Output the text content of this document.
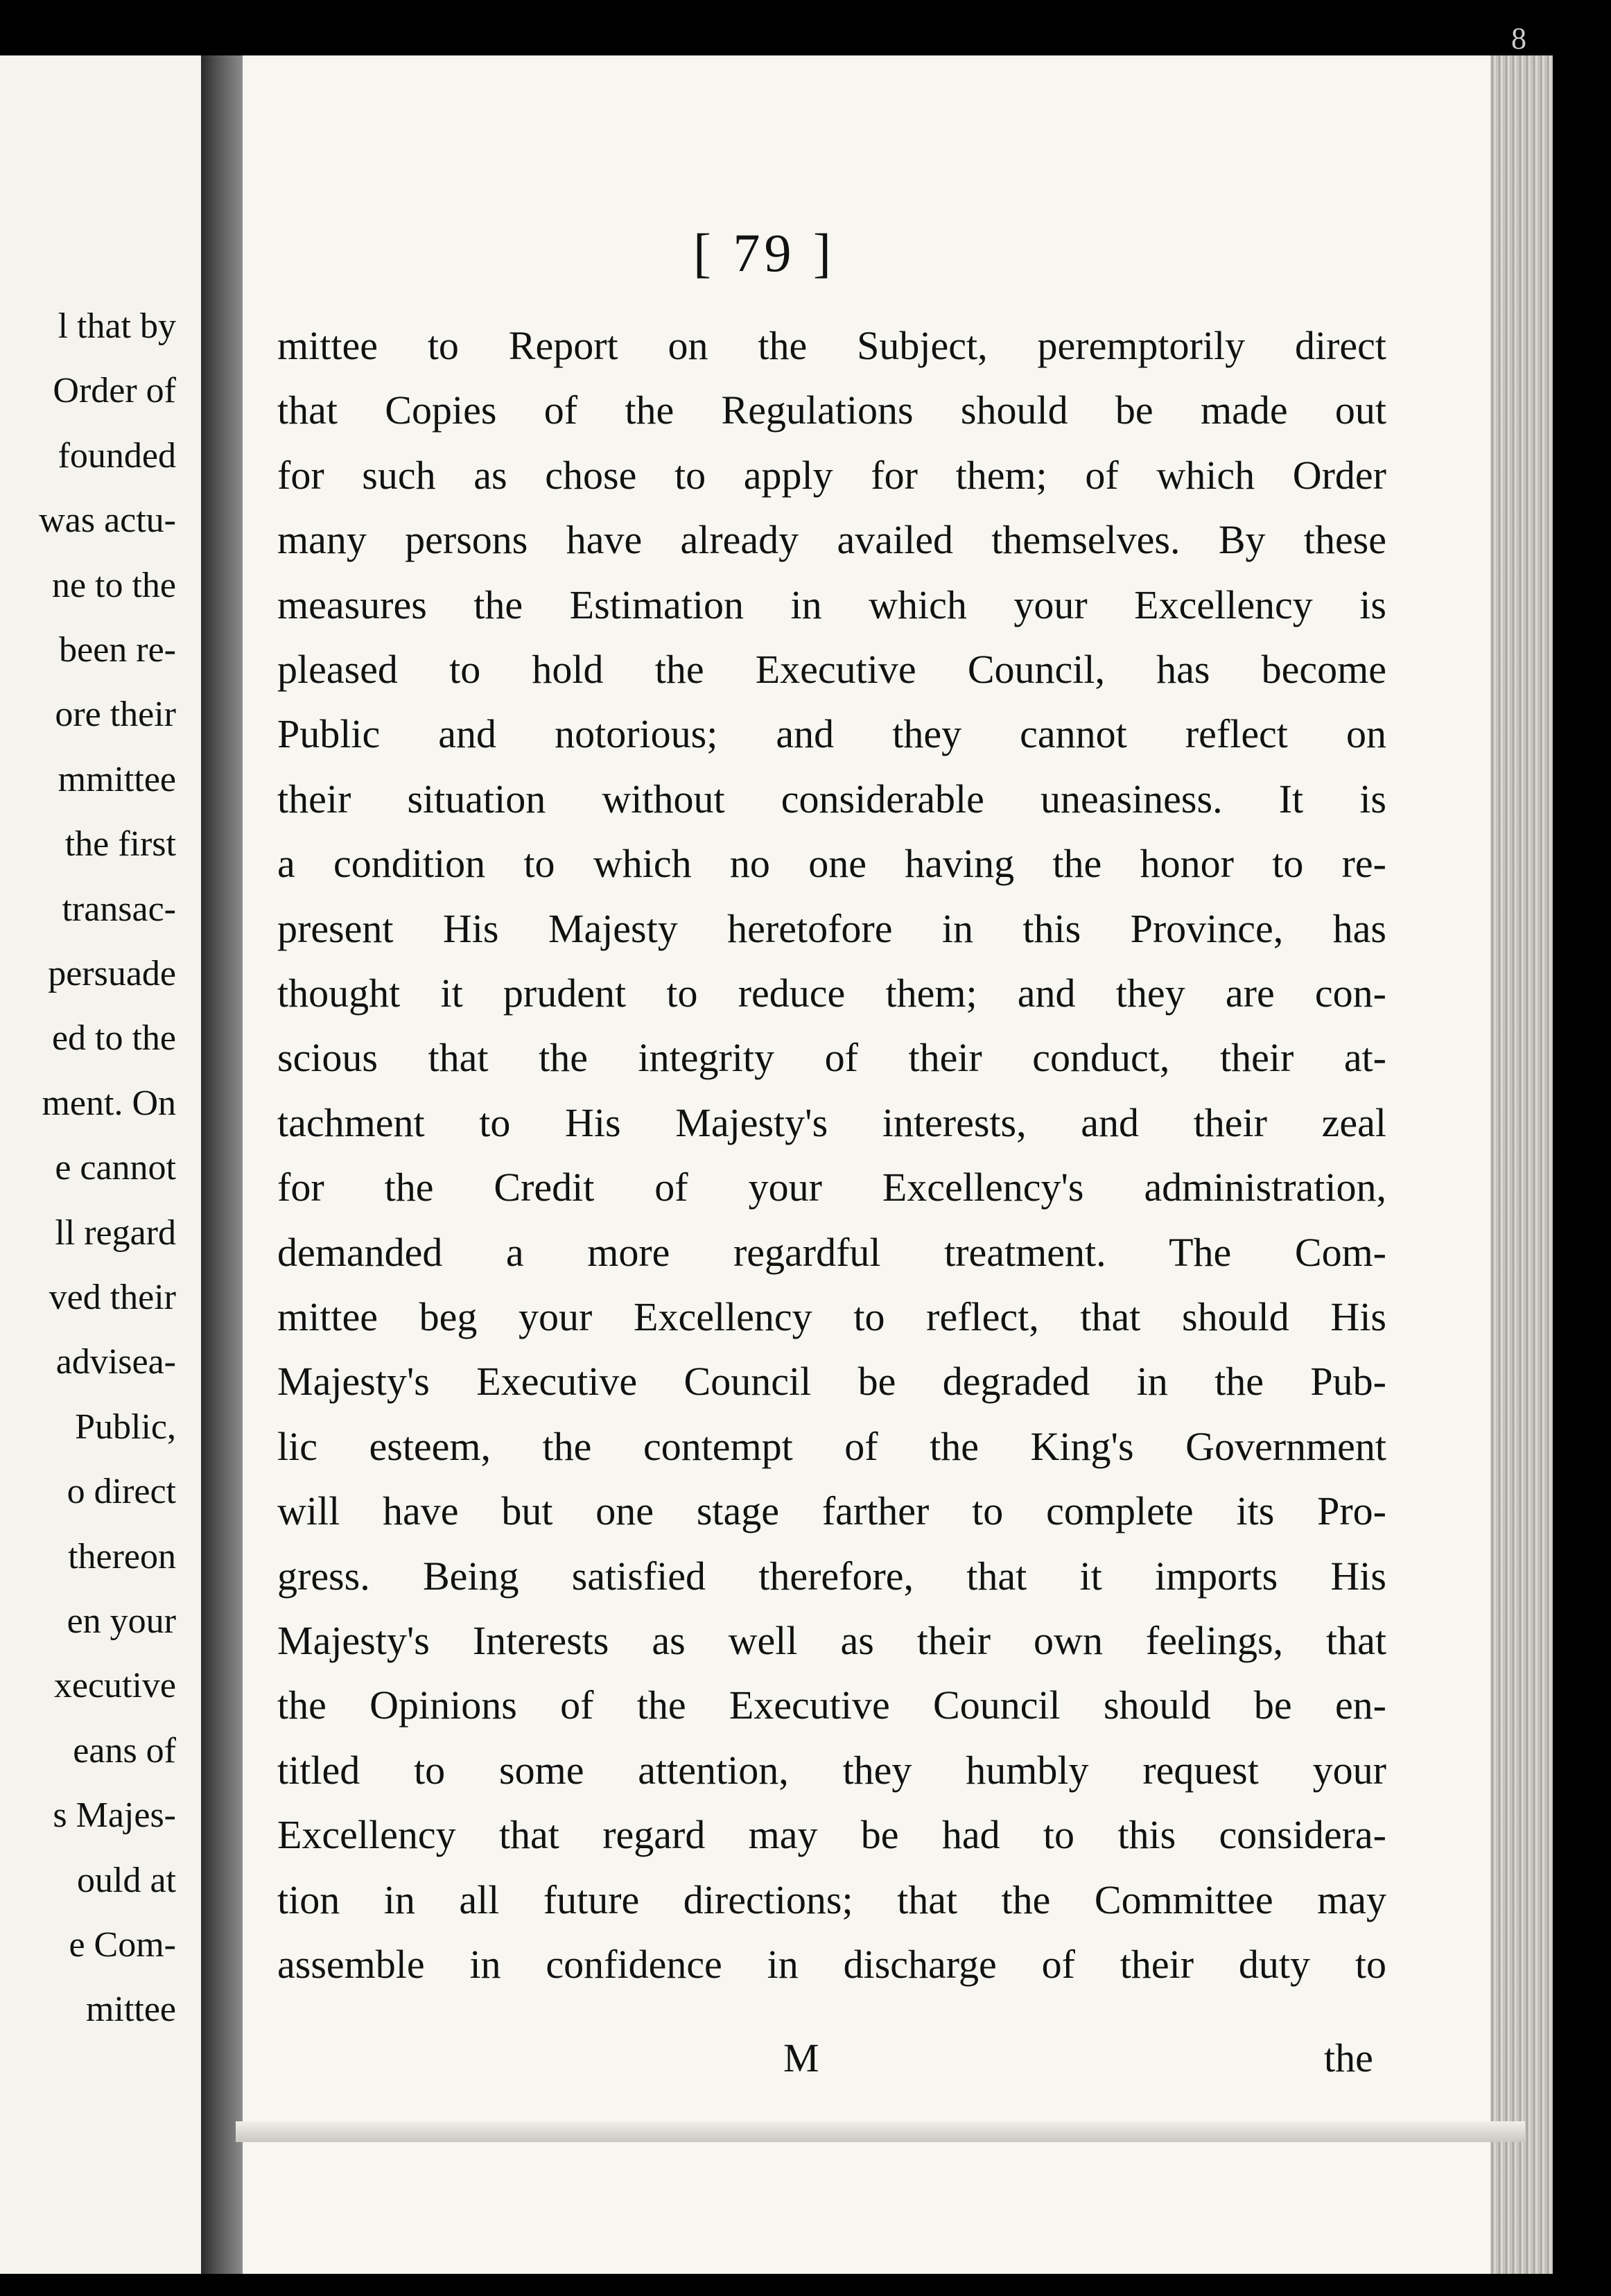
l that by
Order of
founded
was actu-
ne to the
been re-
ore their
mmittee
the first
transac-
persuade
ed to the
ment. On
e cannot
ll regard
ved their
advisea-
Public,
o direct
thereon
en your
xecutive
eans of
s Majes-
ould at
e Com-
mittee
8
[ 79 ]
mittee to Report on the Subject, peremptorily direct
that Copies of the Regulations should be made out
for such as chose to apply for them; of which Order
many persons have already availed themselves. By these
measures the Estimation in which your Excellency is
pleased to hold the Executive Council, has become
Public and notorious; and they cannot reflect on
their situation without considerable uneasiness. It is
a condition to which no one having the honor to re-
present His Majesty heretofore in this Province, has
thought it prudent to reduce them; and they are con-
scious that the integrity of their conduct, their at-
tachment to His Majesty's interests, and their zeal
for the Credit of your Excellency's administration,
demanded a more regardful treatment. The Com-
mittee beg your Excellency to reflect, that should His
Majesty's Executive Council be degraded in the Pub-
lic esteem, the contempt of the King's Government
will have but one stage farther to complete its Pro-
gress. Being satisfied therefore, that it imports His
Majesty's Interests as well as their own feelings, that
the Opinions of the Executive Council should be en-
titled to some attention, they humbly request your
Excellency that regard may be had to this considera-
tion in all future directions; that the Committee may
assemble in confidence in discharge of their duty to
M	the
